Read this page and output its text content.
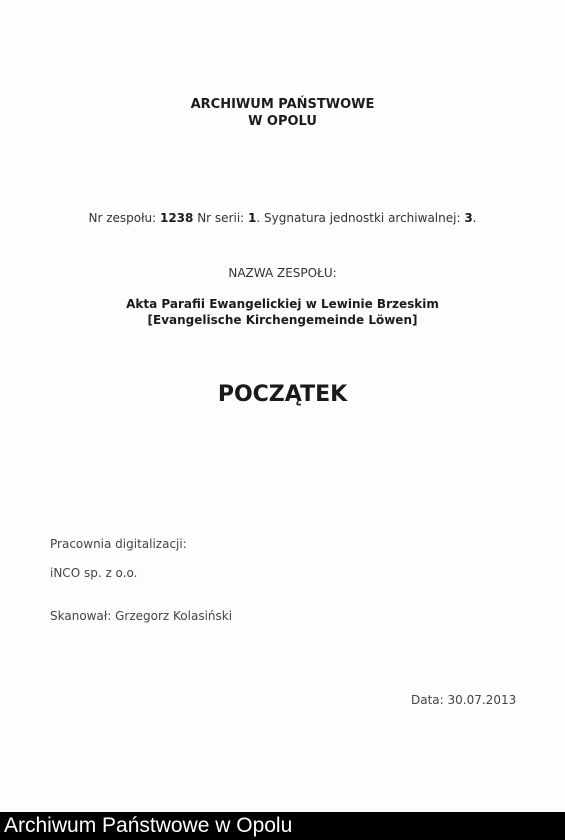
ARCHIWUM PAŃSTWOWE
W OPOLU
Nr zespołu: 1238 Nr serii: 1. Sygnatura jednostki archiwalnej: 3.
NAZWA ZESPOŁU:
Akta Parafii Ewangelickiej w Lewinie Brzeskim
[Evangelische Kirchengemeinde Löwen]
POCZĄTEK
Pracownia digitalizacji:
iNCO sp. z o.o.
Skanował: Grzegorz Kolasiński
Data: 30.07.2013
Archiwum Państwowe w Opolu
